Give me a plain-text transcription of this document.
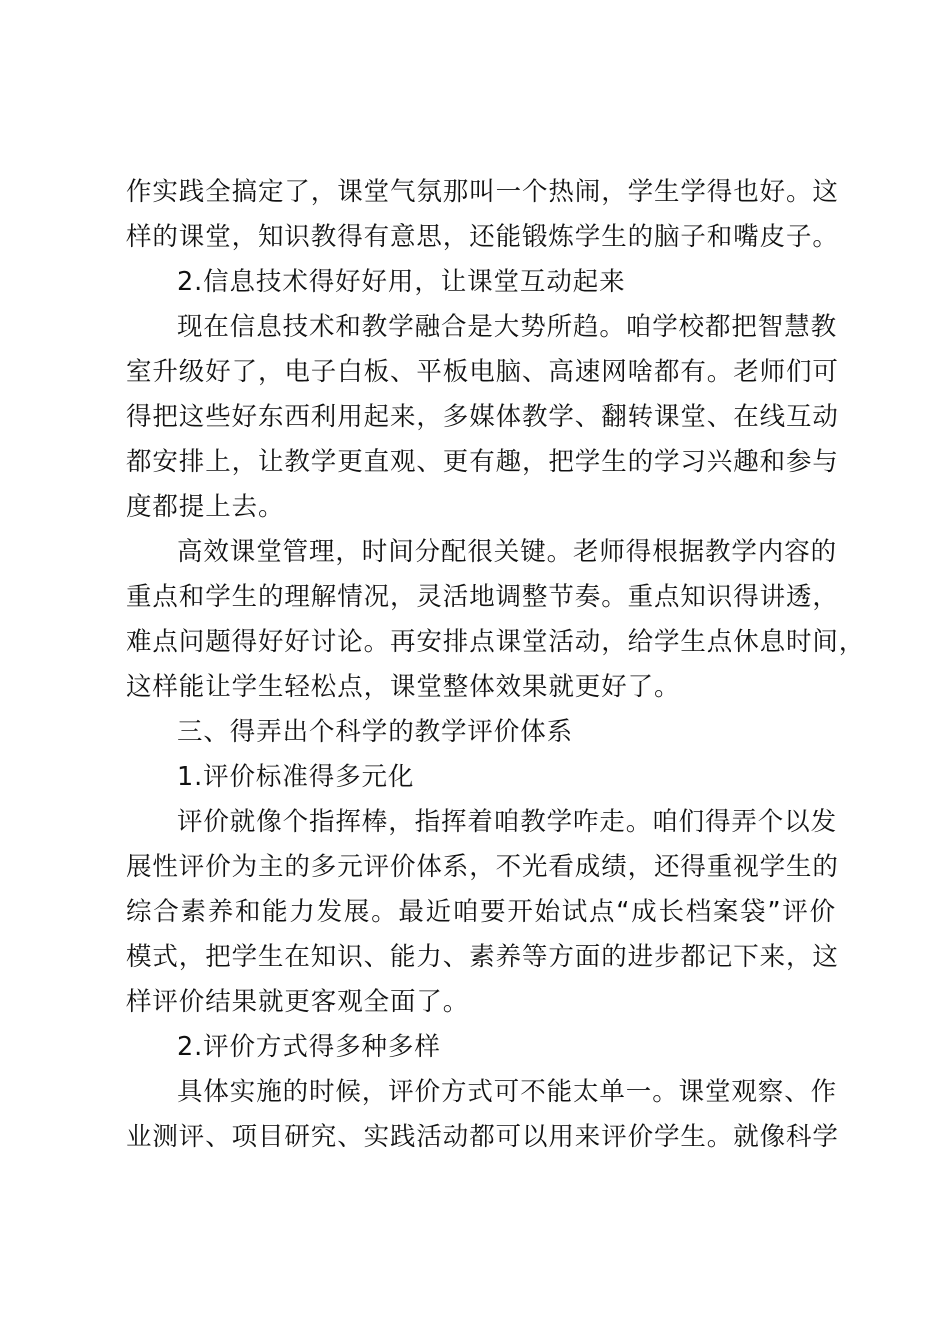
作实践全搞定了，课堂气氛那叫一个热闹，学生学得也好。这
样的课堂，知识教得有意思，还能锻炼学生的脑子和嘴皮子。
2.信息技术得好好用，让课堂互动起来
现在信息技术和教学融合是大势所趋。咱学校都把智慧教
室升级好了，电子白板、平板电脑、高速网啥都有。老师们可
得把这些好东西利用起来，多媒体教学、翻转课堂、在线互动
都安排上，让教学更直观、更有趣，把学生的学习兴趣和参与
度都提上去。
高效课堂管理，时间分配很关键。老师得根据教学内容的
重点和学生的理解情况，灵活地调整节奏。重点知识得讲透，
难点问题得好好讨论。再安排点课堂活动，给学生点休息时间，
这样能让学生轻松点，课堂整体效果就更好了。
三、得弄出个科学的教学评价体系
1.评价标准得多元化
评价就像个指挥棒，指挥着咱教学咋走。咱们得弄个以发
展性评价为主的多元评价体系，不光看成绩，还得重视学生的
综合素养和能力发展。最近咱要开始试点“成长档案袋”评价
模式，把学生在知识、能力、素养等方面的进步都记下来，这
样评价结果就更客观全面了。
2.评价方式得多种多样
具体实施的时候，评价方式可不能太单一。课堂观察、作
业测评、项目研究、实践活动都可以用来评价学生。就像科学
